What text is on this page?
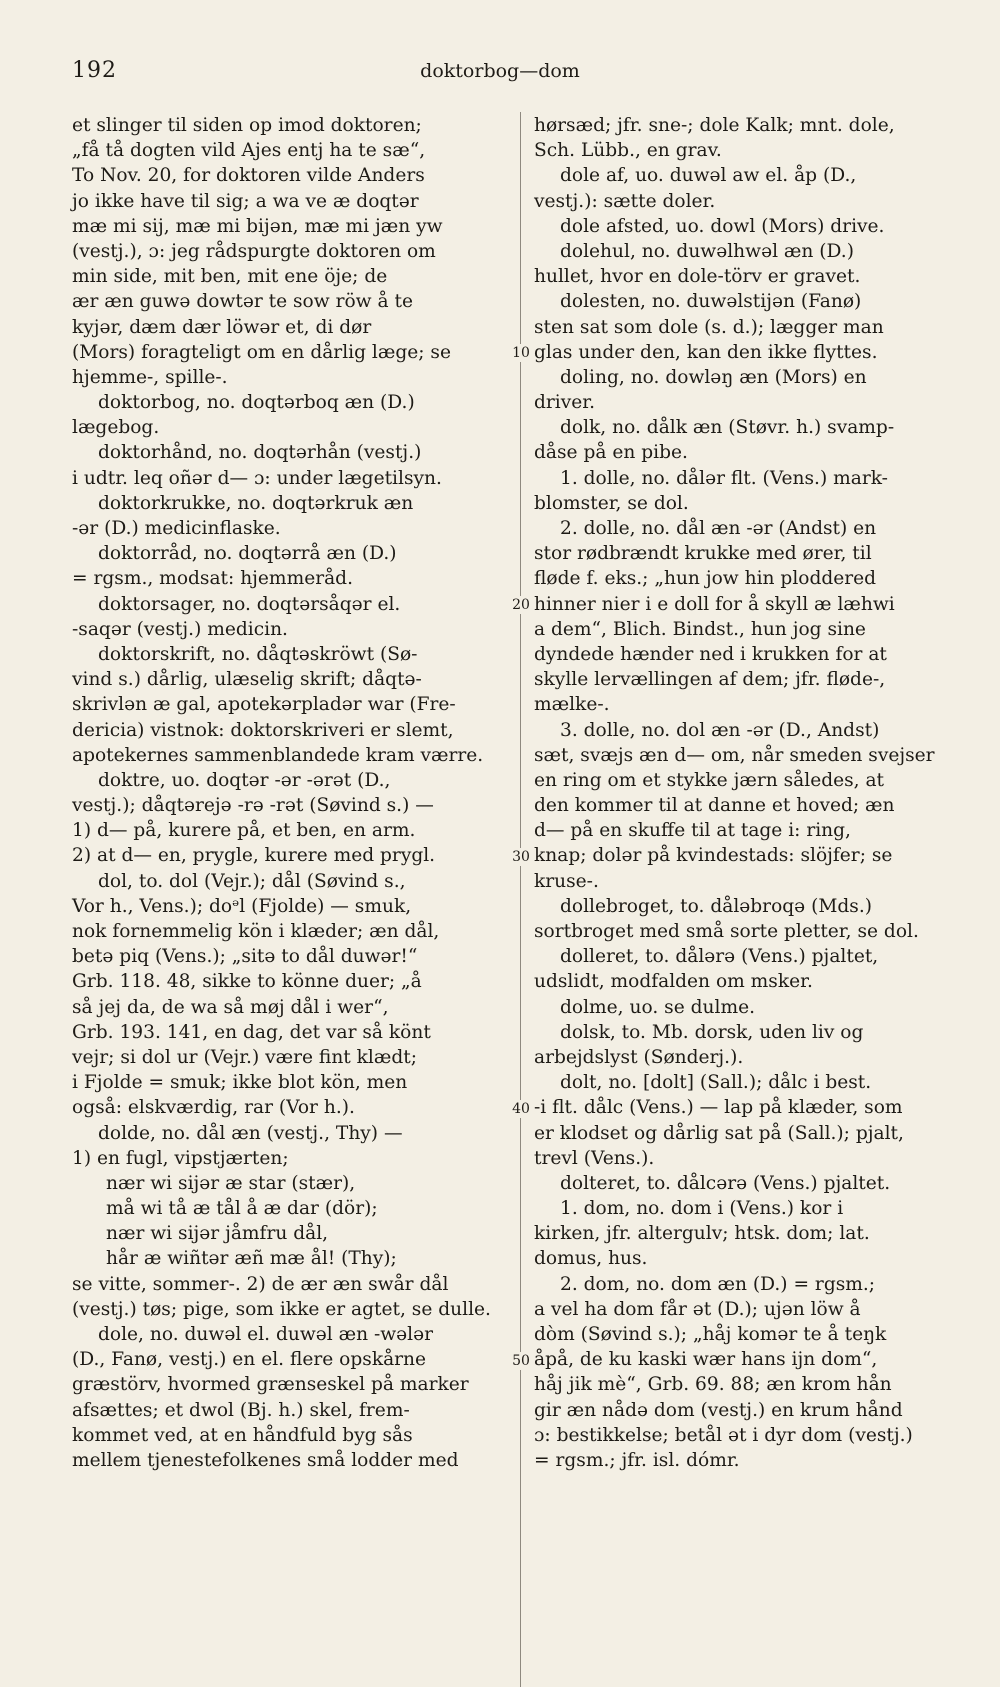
192	doktorbog—dom
et slinger til siden op imod doktoren;
„få tå dogten vild Ajes entj ha te sæ“,
To Nov. 20, for doktoren vilde Anders
jo ikke have til sig; a wa ve æ doqtər
mæ mi sij, mæ mi bijən, mæ mi jæn yw
(vestj.), ɔ: jeg rådspurgte doktoren om
min side, mit ben, mit ene öje; de
ær æn guwə dowtər te sow röw å te
kyjər, dæm dær löwər et, di dør
(Mors) foragteligt om en dårlig læge; se
hjemme-, spille-.
doktorbog, no. doqtərboq æn (D.)
lægebog.
doktorhånd, no. doqtərhån (vestj.)
i udtr. leq oñər d— ɔ: under lægetilsyn.
doktorkrukke, no. doqtərkruk æn
-ər (D.) medicinflaske.
doktorråd, no. doqtərrå æn (D.)
= rgsm., modsat: hjemmeråd.
doktorsager, no. doqtərsåqər el.
-saqər (vestj.) medicin.
doktorskrift, no. dåqtəskröwt (Sø-
vind s.) dårlig, ulæselig skrift; dåqtə-
skrivlən æ gal, apotekərpladər war (Fre-
dericia) vistnok: doktorskriveri er slemt,
apotekernes sammenblandede kram værre.
doktre, uo. doqtər -ər -ərət (D.,
vestj.); dåqtərejə -rə -rət (Søvind s.) —
1) d— på, kurere på, et ben, en arm.
2) at d— en, prygle, kurere med prygl.
dol, to. dol (Vejr.); dål (Søvind s.,
Vor h., Vens.); doᵊl (Fjolde) — smuk,
nok fornemmelig kön i klæder; æn dål,
betə piq (Vens.); „sitə to dål duwər!“
Grb. 118. 48, sikke to könne duer; „å
så jej da, de wa så møj dål i wer“,
Grb. 193. 141, en dag, det var så könt
vejr; si dol ur (Vejr.) være fint klædt;
i Fjolde = smuk; ikke blot kön, men
også: elskværdig, rar (Vor h.).
dolde, no. dål æn (vestj., Thy) —
1) en fugl, vipstjærten;
nær wi sijər æ star (stær),
må wi tå æ tål å æ dar (dör);
nær wi sijər jåmfru dål,
hår æ wiñtər æñ mæ ål! (Thy);
se vitte, sommer-. 2) de ær æn swår dål
(vestj.) tøs; pige, som ikke er agtet, se dulle.
dole, no. duwəl el. duwəl æn -wələr
(D., Fanø, vestj.) en el. flere opskårne
græstörv, hvormed grænseskel på marker
afsættes; et dwol (Bj. h.) skel, frem-
kommet ved, at en håndfuld byg sås
mellem tjenestefolkenes små lodder med
hørsæd; jfr. sne-; dole Kalk; mnt. dole,
Sch. Lübb., en grav.
dole af, uo. duwəl aw el. åp (D.,
vestj.): sætte doler.
dole afsted, uo. dowl (Mors) drive.
dolehul, no. duwəlhwəl æn (D.)
hullet, hvor en dole-törv er gravet.
dolesten, no. duwəlstijən (Fanø)
sten sat som dole (s. d.); lægger man
glas under den, kan den ikke flyttes.
doling, no. dowləŋ æn (Mors) en
driver.
dolk, no. dålk æn (Støvr. h.) svamp-
dåse på en pibe.
1. dolle, no. dålər flt. (Vens.) mark-
blomster, se dol.
2. dolle, no. dål æn -ər (Andst) en
stor rødbrændt krukke med ører, til
fløde f. eks.; „hun jow hin ploddered
hinner nier i e doll for å skyll æ læhwi
a dem“, Blich. Bindst., hun jog sine
dyndede hænder ned i krukken for at
skylle lervællingen af dem; jfr. fløde-,
mælke-.
3. dolle, no. dol æn -ər (D., Andst)
sæt, svæjs æn d— om, når smeden svejser
en ring om et stykke jærn således, at
den kommer til at danne et hoved; æn
d— på en skuffe til at tage i: ring,
knap; dolər på kvindestads: slöjfer; se
kruse-.
dollebroget, to. dåləbroqə (Mds.)
sortbroget med små sorte pletter, se dol.
dolleret, to. dålərə (Vens.) pjaltet,
udslidt, modfalden om msker.
dolme, uo. se dulme.
dolsk, to. Mb. dorsk, uden liv og
arbejdslyst (Sønderj.).
dolt, no. [dolt] (Sall.); dålc i best.
-i flt. dålc (Vens.) — lap på klæder, som
er klodset og dårlig sat på (Sall.); pjalt,
trevl (Vens.).
dolteret, to. dålcərə (Vens.) pjaltet.
1. dom, no. dom i (Vens.) kor i
kirken, jfr. altergulv; htsk. dom; lat.
domus, hus.
2. dom, no. dom æn (D.) = rgsm.;
a vel ha dom får ət (D.); ujən löw å
dòm (Søvind s.); „håj komər te å teŋk
åpå, de ku kaski wær hans ijn dom“,
håj jik mè“, Grb. 69. 88; æn krom hån
gir æn nådə dom (vestj.) en krum hånd
ɔ: bestikkelse; betål ət i dyr dom (vestj.)
= rgsm.; jfr. isl. dómr.
10
20
30
40
50
